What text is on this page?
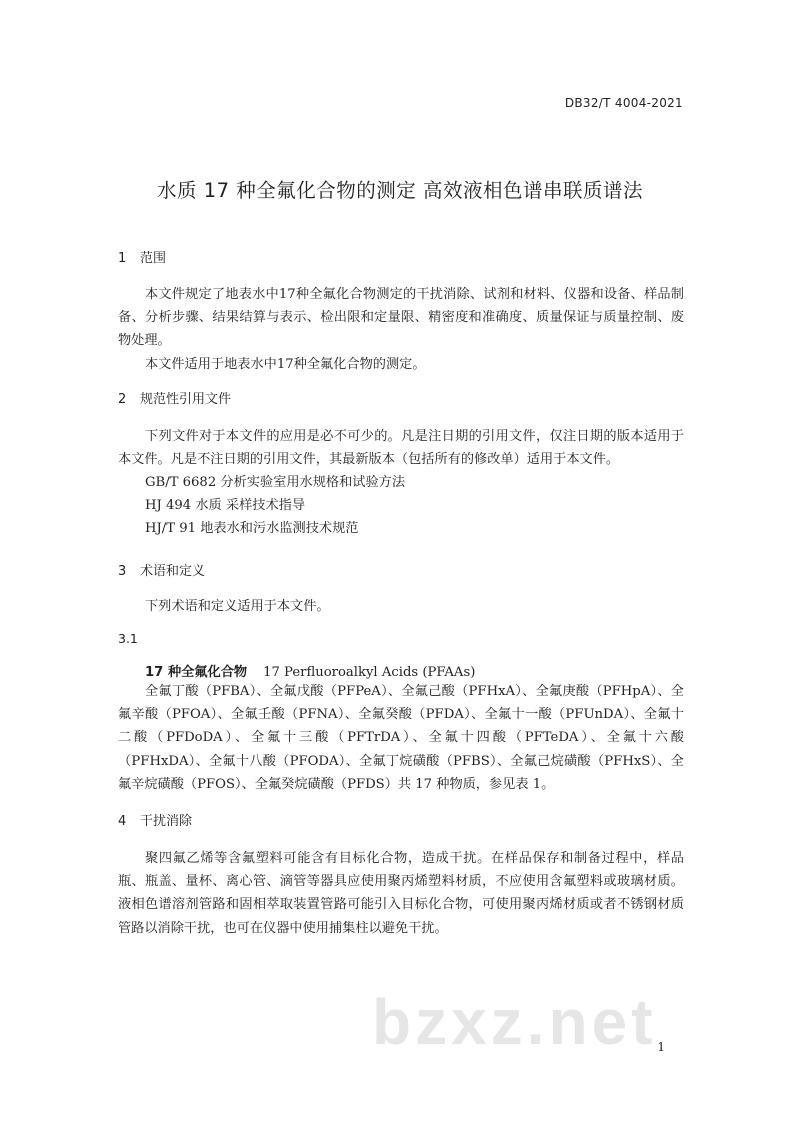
DB32/T 4004-2021
水质 17 种全氟化合物的测定 高效液相色谱串联质谱法
1 范围

本文件规定了地表水中17种全氟化合物测定的干扰消除、试剂和材料、仪器和设备、样品制备、分析步骤、结果结算与表示、检出限和定量限、精密度和准确度、质量保证与质量控制、废物处理。

本文件适用于地表水中17种全氟化合物的测定。

2 规范性引用文件

下列文件对于本文件的应用是必不可少的。凡是注日期的引用文件，仅注日期的版本适用于本文件。凡是不注日期的引用文件，其最新版本（包括所有的修改单）适用于本文件。

GB/T 6682 分析实验室用水规格和试验方法
HJ 494 水质 采样技术指导
HJ/T 91 地表水和污水监测技术规范
3 术语和定义

下列术语和定义适用于本文件。

3.1
17 种全氟化合物 17 Perfluoroalkyl Acids (PFAAs)

全氟丁酸（PFBA）、全氟戊酸（PFPeA）、全氟己酸（PFHxA）、全氟庚酸（PFHpA）、全氟辛酸（PFOA）、全氟壬酸（PFNA）、全氟癸酸（PFDA）、全氟十一酸（PFUnDA）、全氟十二酸（PFDoDA）、全氟十三酸（PFTrDA）、全氟十四酸（PFTeDA）、全氟十六酸（PFHxDA）、全氟十八酸（PFODA）、全氟丁烷磺酸（PFBS）、全氟己烷磺酸（PFHxS）、全氟辛烷磺酸（PFOS）、全氟癸烷磺酸（PFDS）共 17 种物质，参见表 1。

4 干扰消除

聚四氟乙烯等含氟塑料可能含有目标化合物，造成干扰。在样品保存和制备过程中，样品瓶、瓶盖、量杯、离心管、滴管等器具应使用聚丙烯塑料材质，不应使用含氟塑料或玻璃材质。液相色谱溶剂管路和固相萃取装置管路可能引入目标化合物，可使用聚丙烯材质或者不锈钢材质管路以消除干扰，也可在仪器中使用捕集柱以避免干扰。

bzxz.net 1
